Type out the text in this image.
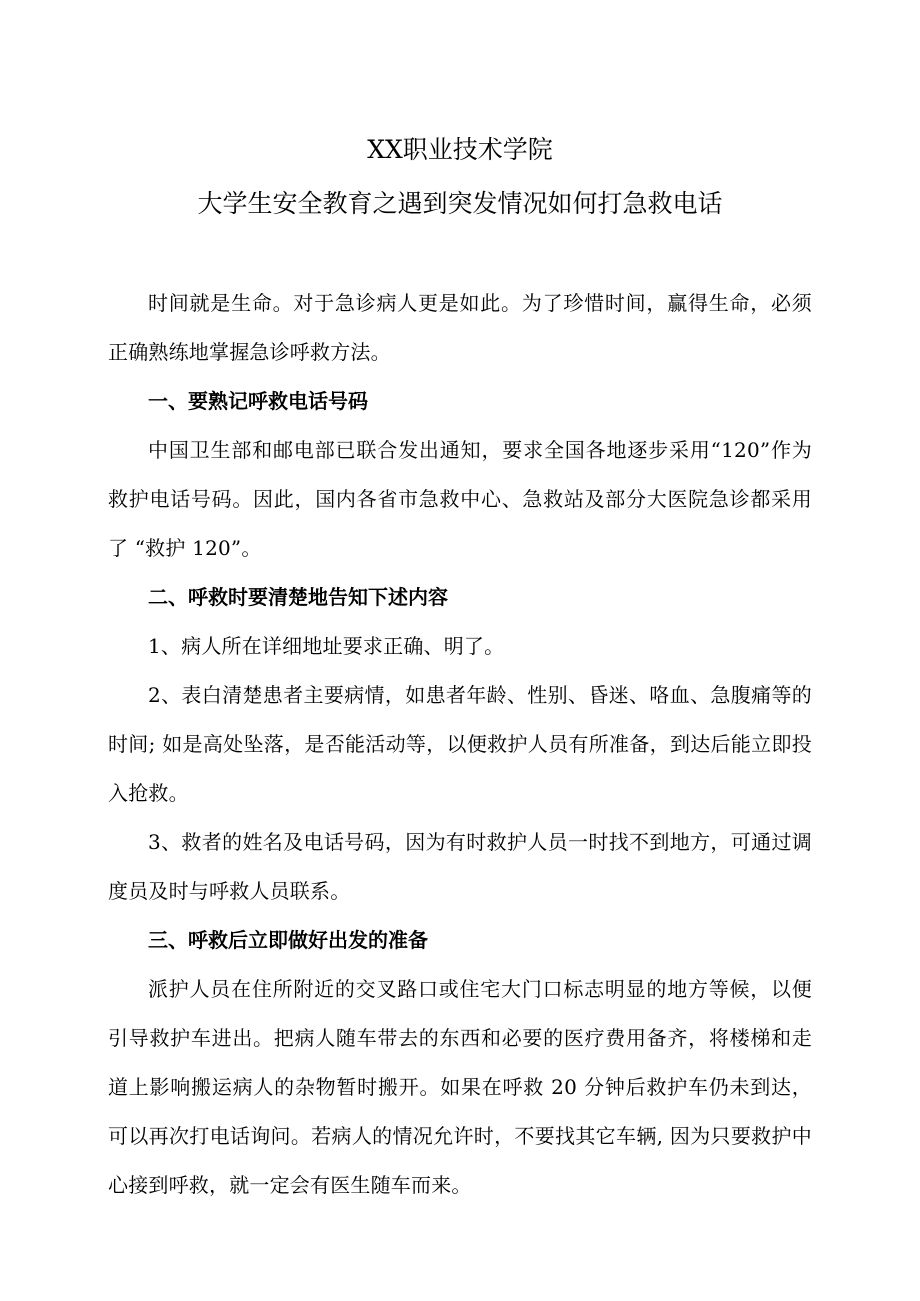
XX职业技术学院
大学生安全教育之遇到突发情况如何打急救电话

时间就是生命。对于急诊病人更是如此。为了珍惜时间，赢得生命，必须正确熟练地掌握急诊呼救方法。

一、要熟记呼救电话号码

中国卫生部和邮电部已联合发出通知，要求全国各地逐步采用“120”作为救护电话号码。因此，国内各省市急救中心、急救站及部分大医院急诊都采用了 “救护 120”。

二、呼救时要清楚地告知下述内容

1、病人所在详细地址要求正确、明了。

2、表白清楚患者主要病情，如患者年龄、性别、昏迷、咯血、急腹痛等的时间; 如是高处坠落，是否能活动等，以便救护人员有所准备，到达后能立即投入抢救。

3、救者的姓名及电话号码，因为有时救护人员一时找不到地方，可通过调度员及时与呼救人员联系。

三、呼救后立即做好出发的准备

派护人员在住所附近的交叉路口或住宅大门口标志明显的地方等候，以便引导救护车进出。把病人随车带去的东西和必要的医疗费用备齐，将楼梯和走道上影响搬运病人的杂物暂时搬开。如果在呼救 20 分钟后救护车仍未到达，可以再次打电话询问。若病人的情况允许时，不要找其它车辆, 因为只要救护中心接到呼救，就一定会有医生随车而来。
